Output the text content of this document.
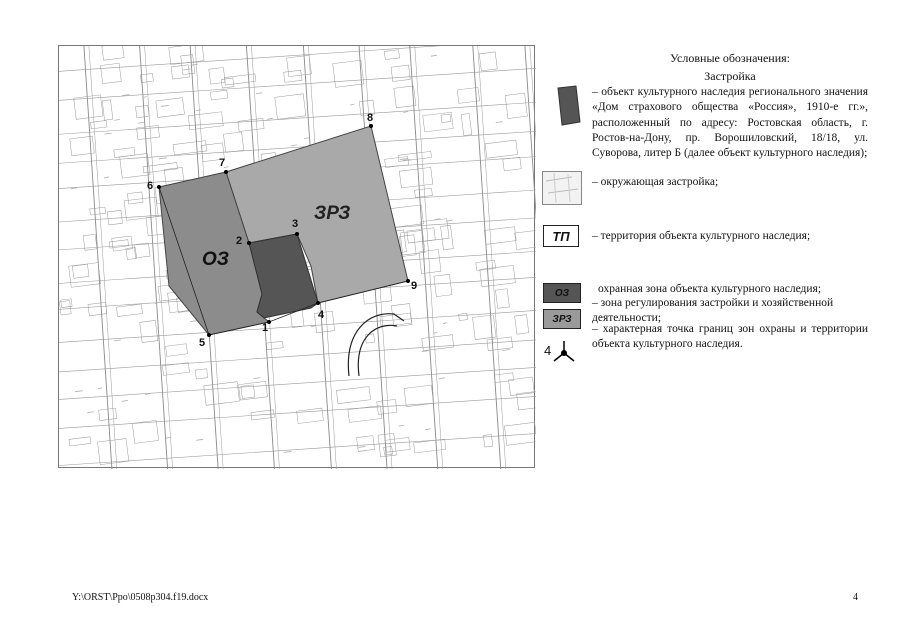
ЗРЗ
ОЗ
1
2
3
4
5
6
7
8
9
Условные обозначения:
Застройка
– объект культурного наследия регионального значения «Дом страхового общества «Россия», 1910-е гг.», расположенный по адресу: Ростовская область, г. Ростов-на-Дону, пр. Ворошиловский, 18/18, ул. Суворова, литер Б (далее объект культурного наследия);
– окружающая застройка;
ТП	– территория объекта культурного наследия;
ОЗ	охранная зона объекта культурного наследия;
ЗРЗ
– зона регулирования застройки и хозяйственной деятельности;
4
– характерная точка границ зон охраны и территории объекта культурного наследия.
Y:\ORST\Ppo\0508p304.f19.docx	4
